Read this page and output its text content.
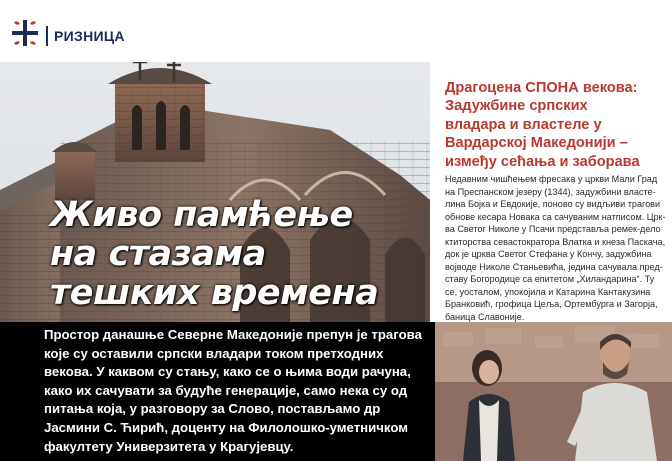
РИЗНИЦА
Живо памћење
на стазама
тешких времена

Простор данашње Северне Македоније препун је трагова које су оставили српски владари током претходних векова. У каквом су стању, како се о њима води рачуна, како их сачувати за будуће генерације, само нека су од питања која, у разговору за Слово, постављамо др Јасмини С. Ћирић, доценту на Филолошко-уметничком факултету Универзитета у Крагујевцу.

Драгоцена СПОНА векова:
Задужбине српских
владара и властеле у
Вардарској Македонији –
између сећања и заборава
Недавним чишћењем фресака у цркви Мали Град
на Преспанском језеру (1344), задужбини власте-
лина Бојка и Евдокије, поново су видљиви трагови
обнове кесара Новака са сачуваним натписом. Црк-
ва Светог Николе у Псачи представља ремек-дело
ктиторства севастократора Влатка и кнеза Паскача,
док је црква Светог Стефана у Кончу, задужбина
војводе Николе Станьевића, једина сачувала пред-
ставу Богородице са епитетом „Хиландарина“. Ту
се, уосталом, упокојила и Катарина Кантакузина
Бранковић, грофица Цеља, Ортембурга и Загорја,
баница Славоније.
